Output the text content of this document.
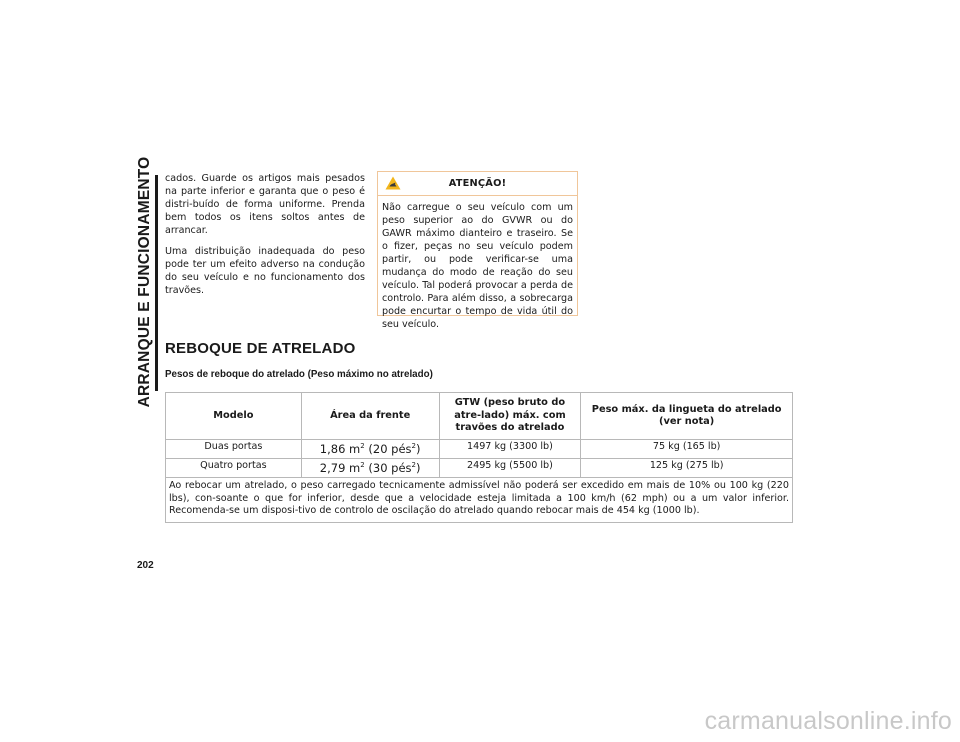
ARRANQUE E FUNCIONAMENTO cados. Guarde os artigos mais pesados na parte inferior e garanta que o peso é distri-buído de forma uniforme. Prenda bem todos os itens soltos antes de arrancar.

Uma distribuição inadequada do peso pode ter um efeito adverso na condução do seu veículo e no funcionamento dos travões.

ATENÇÃO!
Não carregue o seu veículo com um peso superior ao do GVWR ou do GAWR máximo dianteiro e traseiro. Se o fizer, peças no seu veículo podem partir, ou pode verificar-se uma mudança do modo de reação do seu veículo. Tal poderá provocar a perda de controlo. Para além disso, a sobrecarga pode encurtar o tempo de vida útil do seu veículo.
REBOQUE DE ATRELADO
Pesos de reboque do atrelado (Peso máximo no atrelado)
Modelo	Área da frente	GTW (peso bruto do atre-lado) máx. com travões do atrelado	Peso máx. da lingueta do atrelado (ver nota)
Duas portas	1,86 $m^2$ (20 pés$^2$)	1497 kg (3300 lb)	75 kg (165 lb)
Quatro portas	2,79 $m^2$ (30 pés$^2$)	2495 kg (5500 lb)	125 kg (275 lb)
Ao rebocar um atrelado, o peso carregado tecnicamente admissível não poderá ser excedido em mais de 10% ou 100 kg (220 lbs), con-soante o que for inferior, desde que a velocidade esteja limitada a 100 km/h (62 mph) ou a um valor inferior. Recomenda-se um disposi-tivo de controlo de oscilação do atrelado quando rebocar mais de 454 kg (1000 lb).			
202
carmanualsonline.info
